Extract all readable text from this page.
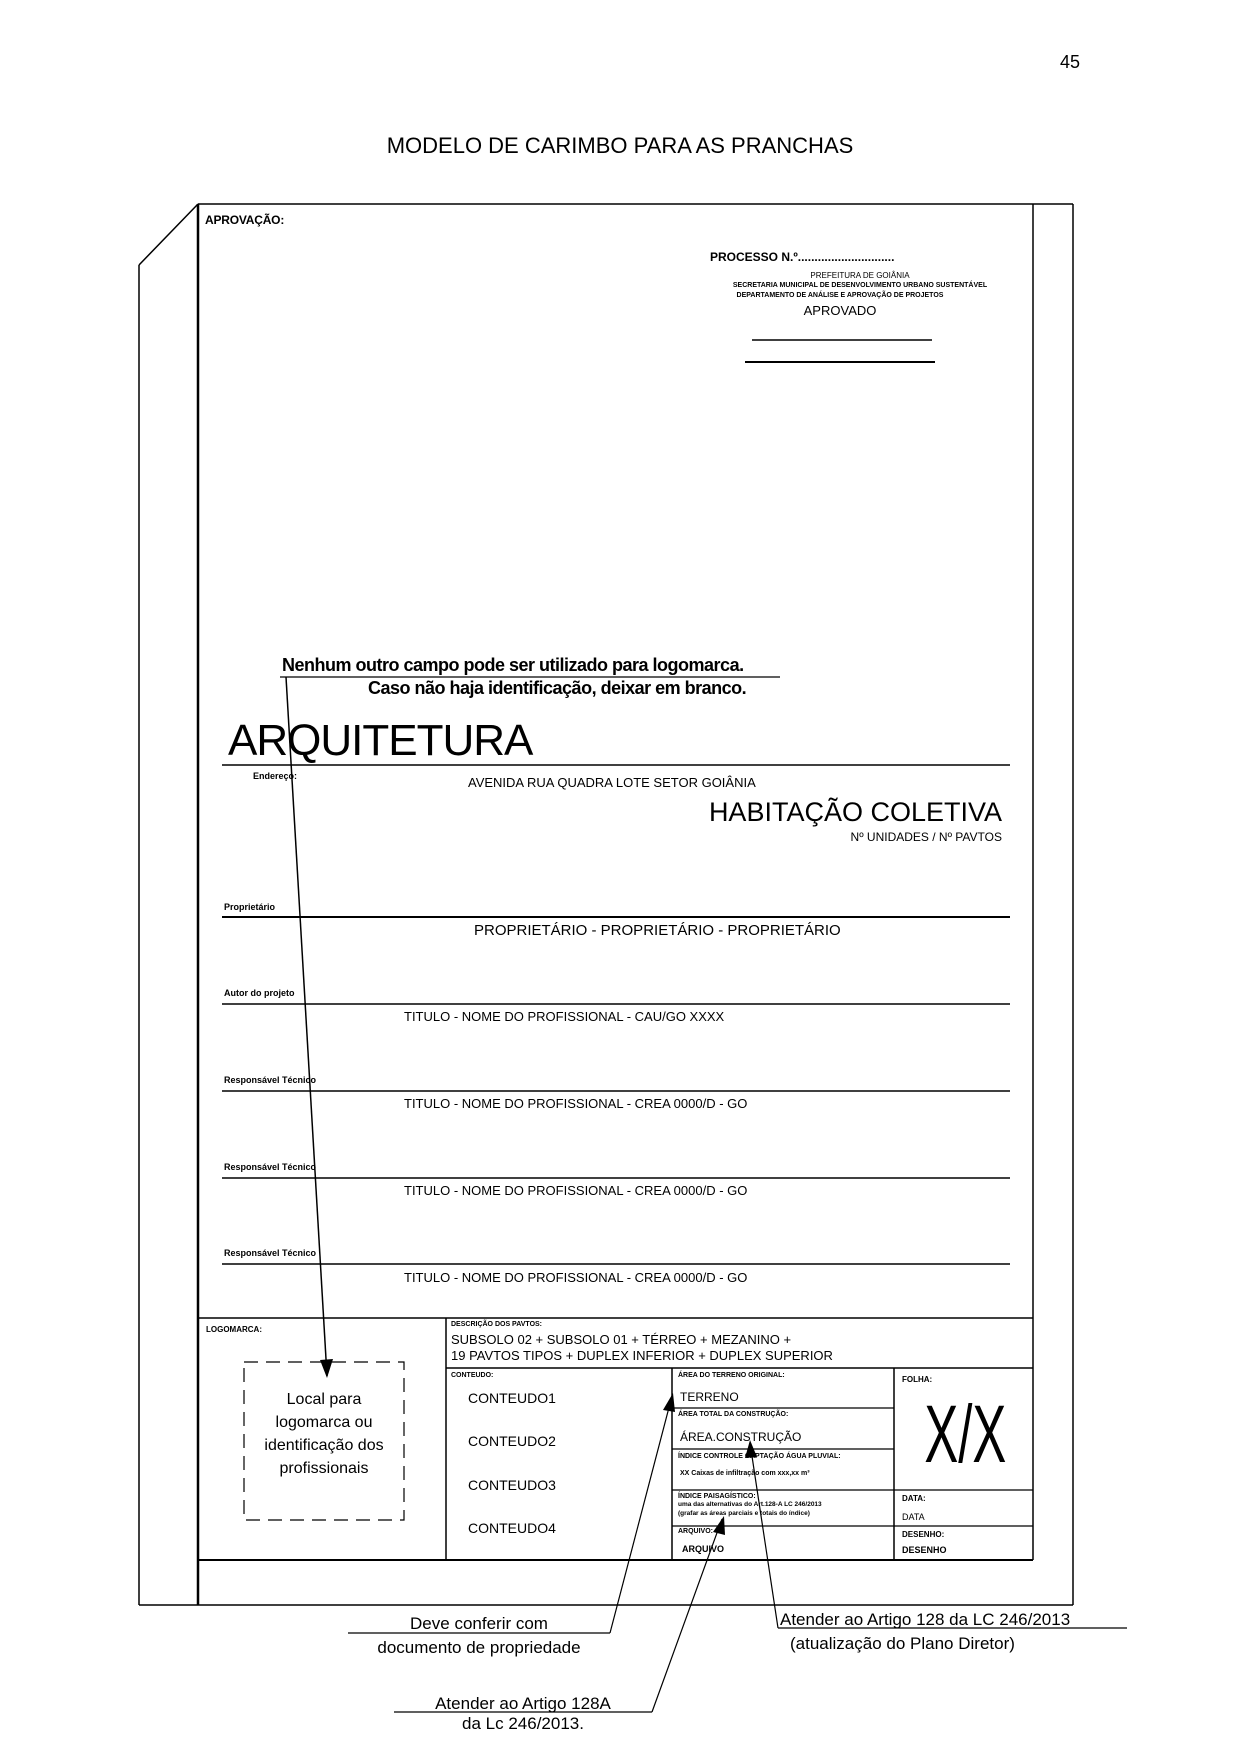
45
MODELO DE CARIMBO PARA AS PRANCHAS
APROVAÇÃO:
PROCESSO N.º.............................
PREFEITURA DE GOIÂNIA
SECRETARIA MUNICIPAL DE DESENVOLVIMENTO URBANO SUSTENTÁVEL
DEPARTAMENTO DE ANÁLISE E APROVAÇÃO DE PROJETOS
APROVADO
Nenhum outro campo pode ser utilizado para logomarca.
Caso não haja identificação, deixar em branco.
ARQUITETURA
Endereço:	AVENIDA RUA QUADRA LOTE SETOR GOIÂNIA
HABITAÇÃO COLETIVA
Nº UNIDADES / Nº PAVTOS
Proprietário
PROPRIETÁRIO - PROPRIETÁRIO - PROPRIETÁRIO
Autor do projeto
TITULO - NOME DO PROFISSIONAL - CAU/GO XXXX
Responsável Técnico
TITULO - NOME DO PROFISSIONAL - CREA 0000/D - GO
Responsável Técnico
TITULO - NOME DO PROFISSIONAL - CREA 0000/D - GO
Responsável Técnico
TITULO - NOME DO PROFISSIONAL - CREA 0000/D - GO
LOGOMARCA:
Local para
logomarca ou
identificação dos
profissionais
DESCRIÇÃO DOS PAVTOS:
SUBSOLO 02 + SUBSOLO 01 + TÉRREO + MEZANINO +
19 PAVTOS TIPOS + DUPLEX INFERIOR + DUPLEX SUPERIOR
CONTEUDO:
CONTEUDO1
CONTEUDO2
CONTEUDO3
CONTEUDO4
ÁREA DO TERRENO ORIGINAL:
TERRENO
ÁREA TOTAL DA CONSTRUÇÃO:
ÁREA.CONSTRUÇÃO
ÍNDICE CONTROLE CAPTAÇÃO ÁGUA PLUVIAL:
XX Caixas de infiltração com xxx,xx m³
ÍNDICE PAISAGÍSTICO:
uma das alternativas do Art.128-A LC 246/2013
(grafar as áreas parciais e totais do índice)
ARQUIVO:
ARQUIVO
FOLHA:
X/X
DATA:
DATA
DESENHO:
DESENHO
Deve conferir com
documento de propriedade
Atender ao Artigo 128A
da Lc 246/2013.
Atender ao Artigo 128 da LC 246/2013
(atualização do Plano Diretor)
